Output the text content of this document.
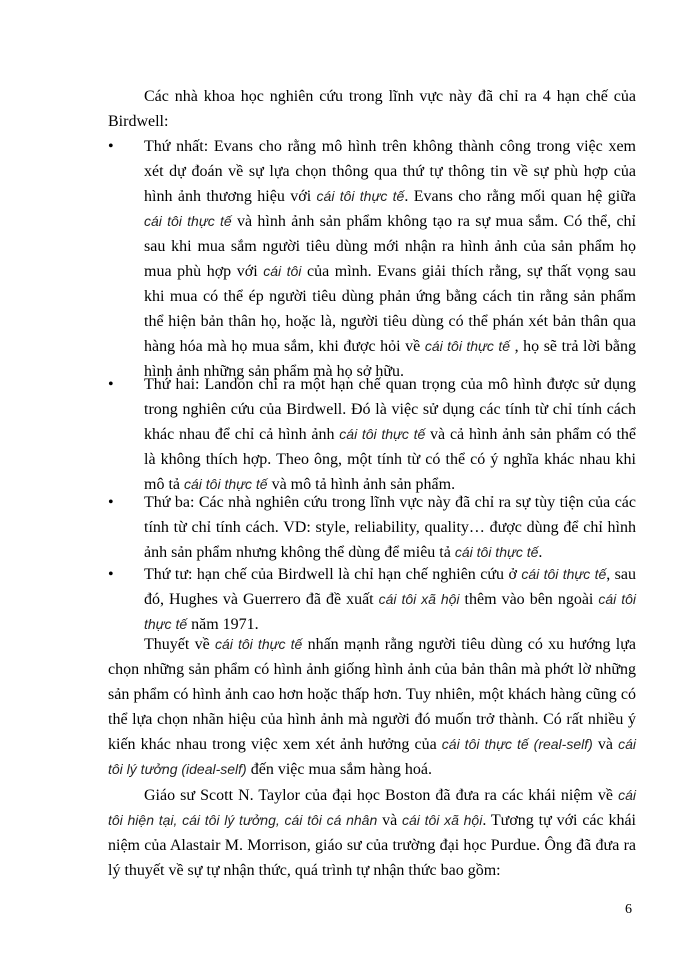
Các nhà khoa học nghiên cứu trong lĩnh vực này đã chỉ ra 4 hạn chế của Birdwell:

• Thứ nhất: Evans cho rằng mô hình trên không thành công trong việc xem xét dự đoán về sự lựa chọn thông qua thứ tự thông tin về sự phù hợp của hình ảnh thương hiệu với cái tôi thực tế. Evans cho rằng mối quan hệ giữa cái tôi thực tế và hình ảnh sản phẩm không tạo ra sự mua sắm. Có thể, chỉ sau khi mua sắm người tiêu dùng mới nhận ra hình ảnh của sản phẩm họ mua phù hợp với cái tôi của mình. Evans giải thích rằng, sự thất vọng sau khi mua có thể ép người tiêu dùng phản ứng bằng cách tin rằng sản phẩm thể hiện bản thân họ, hoặc là, người tiêu dùng có thể phán xét bản thân qua hàng hóa mà họ mua sắm, khi được hỏi về cái tôi thực tế , họ sẽ trả lời bằng hình ảnh những sản phẩm mà họ sở hữu.
• Thứ hai: Landon chỉ ra một hạn chế quan trọng của mô hình được sử dụng trong nghiên cứu của Birdwell. Đó là việc sử dụng các tính từ chỉ tính cách khác nhau để chỉ cả hình ảnh cái tôi thực tế và cả hình ảnh sản phẩm có thể là không thích hợp. Theo ông, một tính từ có thể có ý nghĩa khác nhau khi mô tả cái tôi thực tế và mô tả hình ảnh sản phẩm.
• Thứ ba: Các nhà nghiên cứu trong lĩnh vực này đã chỉ ra sự tùy tiện của các tính từ chỉ tính cách. VD: style, reliability, quality… được dùng để chỉ hình ảnh sản phẩm nhưng không thể dùng để miêu tả cái tôi thực tế.
• Thứ tư: hạn chế của Birdwell là chỉ hạn chế nghiên cứu ở cái tôi thực tế, sau đó, Hughes và Guerrero đã đề xuất cái tôi xã hội thêm vào bên ngoài cái tôi thực tế năm 1971.

Thuyết về cái tôi thực tế nhấn mạnh rằng người tiêu dùng có xu hướng lựa chọn những sản phẩm có hình ảnh giống hình ảnh của bản thân mà phớt lờ những sản phẩm có hình ảnh cao hơn hoặc thấp hơn. Tuy nhiên, một khách hàng cũng có thể lựa chọn nhãn hiệu của hình ảnh mà người đó muốn trở thành. Có rất nhiều ý kiến khác nhau trong việc xem xét ảnh hưởng của cái tôi thực tế (real-self) và cái tôi lý tưởng (ideal-self) đến việc mua sắm hàng hoá.

Giáo sư Scott N. Taylor của đại học Boston đã đưa ra các khái niệm về cái tôi hiện tại, cái tôi lý tưởng, cái tôi cá nhân và cái tôi xã hội. Tương tự với các khái niệm của Alastair M. Morrison, giáo sư của trường đại học Purdue. Ông đã đưa ra lý thuyết về sự tự nhận thức, quá trình tự nhận thức bao gồm:

6
